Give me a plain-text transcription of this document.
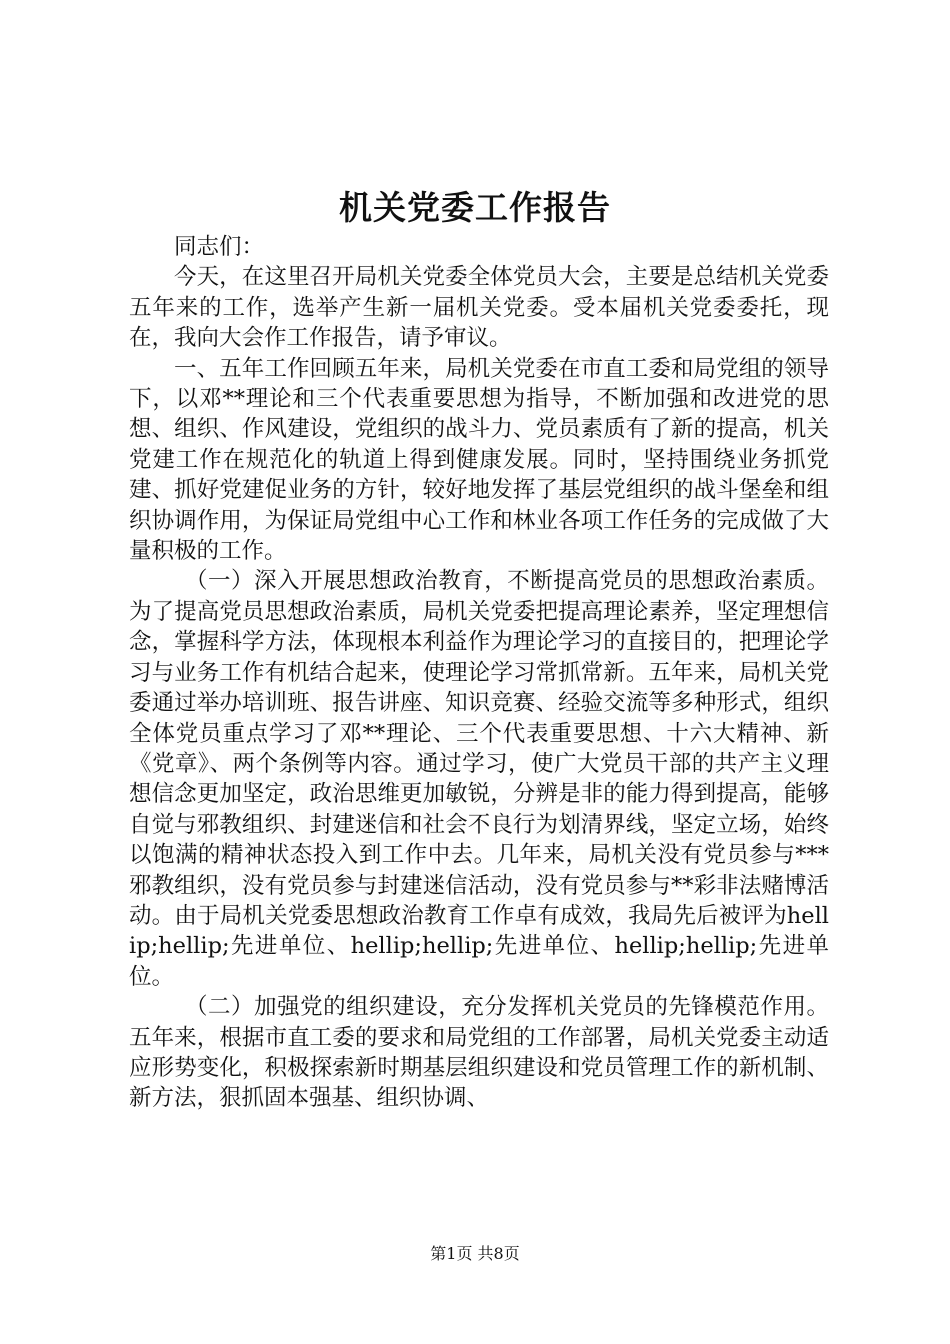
机关党委工作报告

同志们：

今天，在这里召开局机关党委全体党员大会，主要是总结机关党委五年来的工作，选举产生新一届机关党委。受本届机关党委委托，现在，我向大会作工作报告，请予审议。

一、五年工作回顾五年来，局机关党委在市直工委和局党组的领导下，以邓**理论和三个代表重要思想为指导，不断加强和改进党的思想、组织、作风建设，党组织的战斗力、党员素质有了新的提高，机关党建工作在规范化的轨道上得到健康发展。同时，坚持围绕业务抓党建、抓好党建促业务的方针，较好地发挥了基层党组织的战斗堡垒和组织协调作用，为保证局党组中心工作和林业各项工作任务的完成做了大量积极的工作。

（一）深入开展思想政治教育，不断提高党员的思想政治素质。为了提高党员思想政治素质，局机关党委把提高理论素养，坚定理想信念，掌握科学方法，体现根本利益作为理论学习的直接目的，把理论学习与业务工作有机结合起来，使理论学习常抓常新。五年来，局机关党委通过举办培训班、报告讲座、知识竞赛、经验交流等多种形式，组织全体党员重点学习了邓**理论、三个代表重要思想、十六大精神、新《党章》、两个条例等内容。通过学习，使广大党员干部的共产主义理想信念更加坚定，政治思维更加敏锐，分辨是非的能力得到提高，能够自觉与邪教组织、封建迷信和社会不良行为划清界线，坚定立场，始终以饱满的精神状态投入到工作中去。几年来，局机关没有党员参与***邪教组织，没有党员参与封建迷信活动，没有党员参与**彩非法赌博活动。由于局机关党委思想政治教育工作卓有成效，我局先后被评为hellip;hellip;先进单位、hellip;hellip;先进单位、hellip;hellip;先进单位。

（二）加强党的组织建设，充分发挥机关党员的先锋模范作用。五年来，根据市直工委的要求和局党组的工作部署，局机关党委主动适应形势变化，积极探索新时期基层组织建设和党员管理工作的新机制、新方法，狠抓固本强基、组织协调、

第1页 共8页
